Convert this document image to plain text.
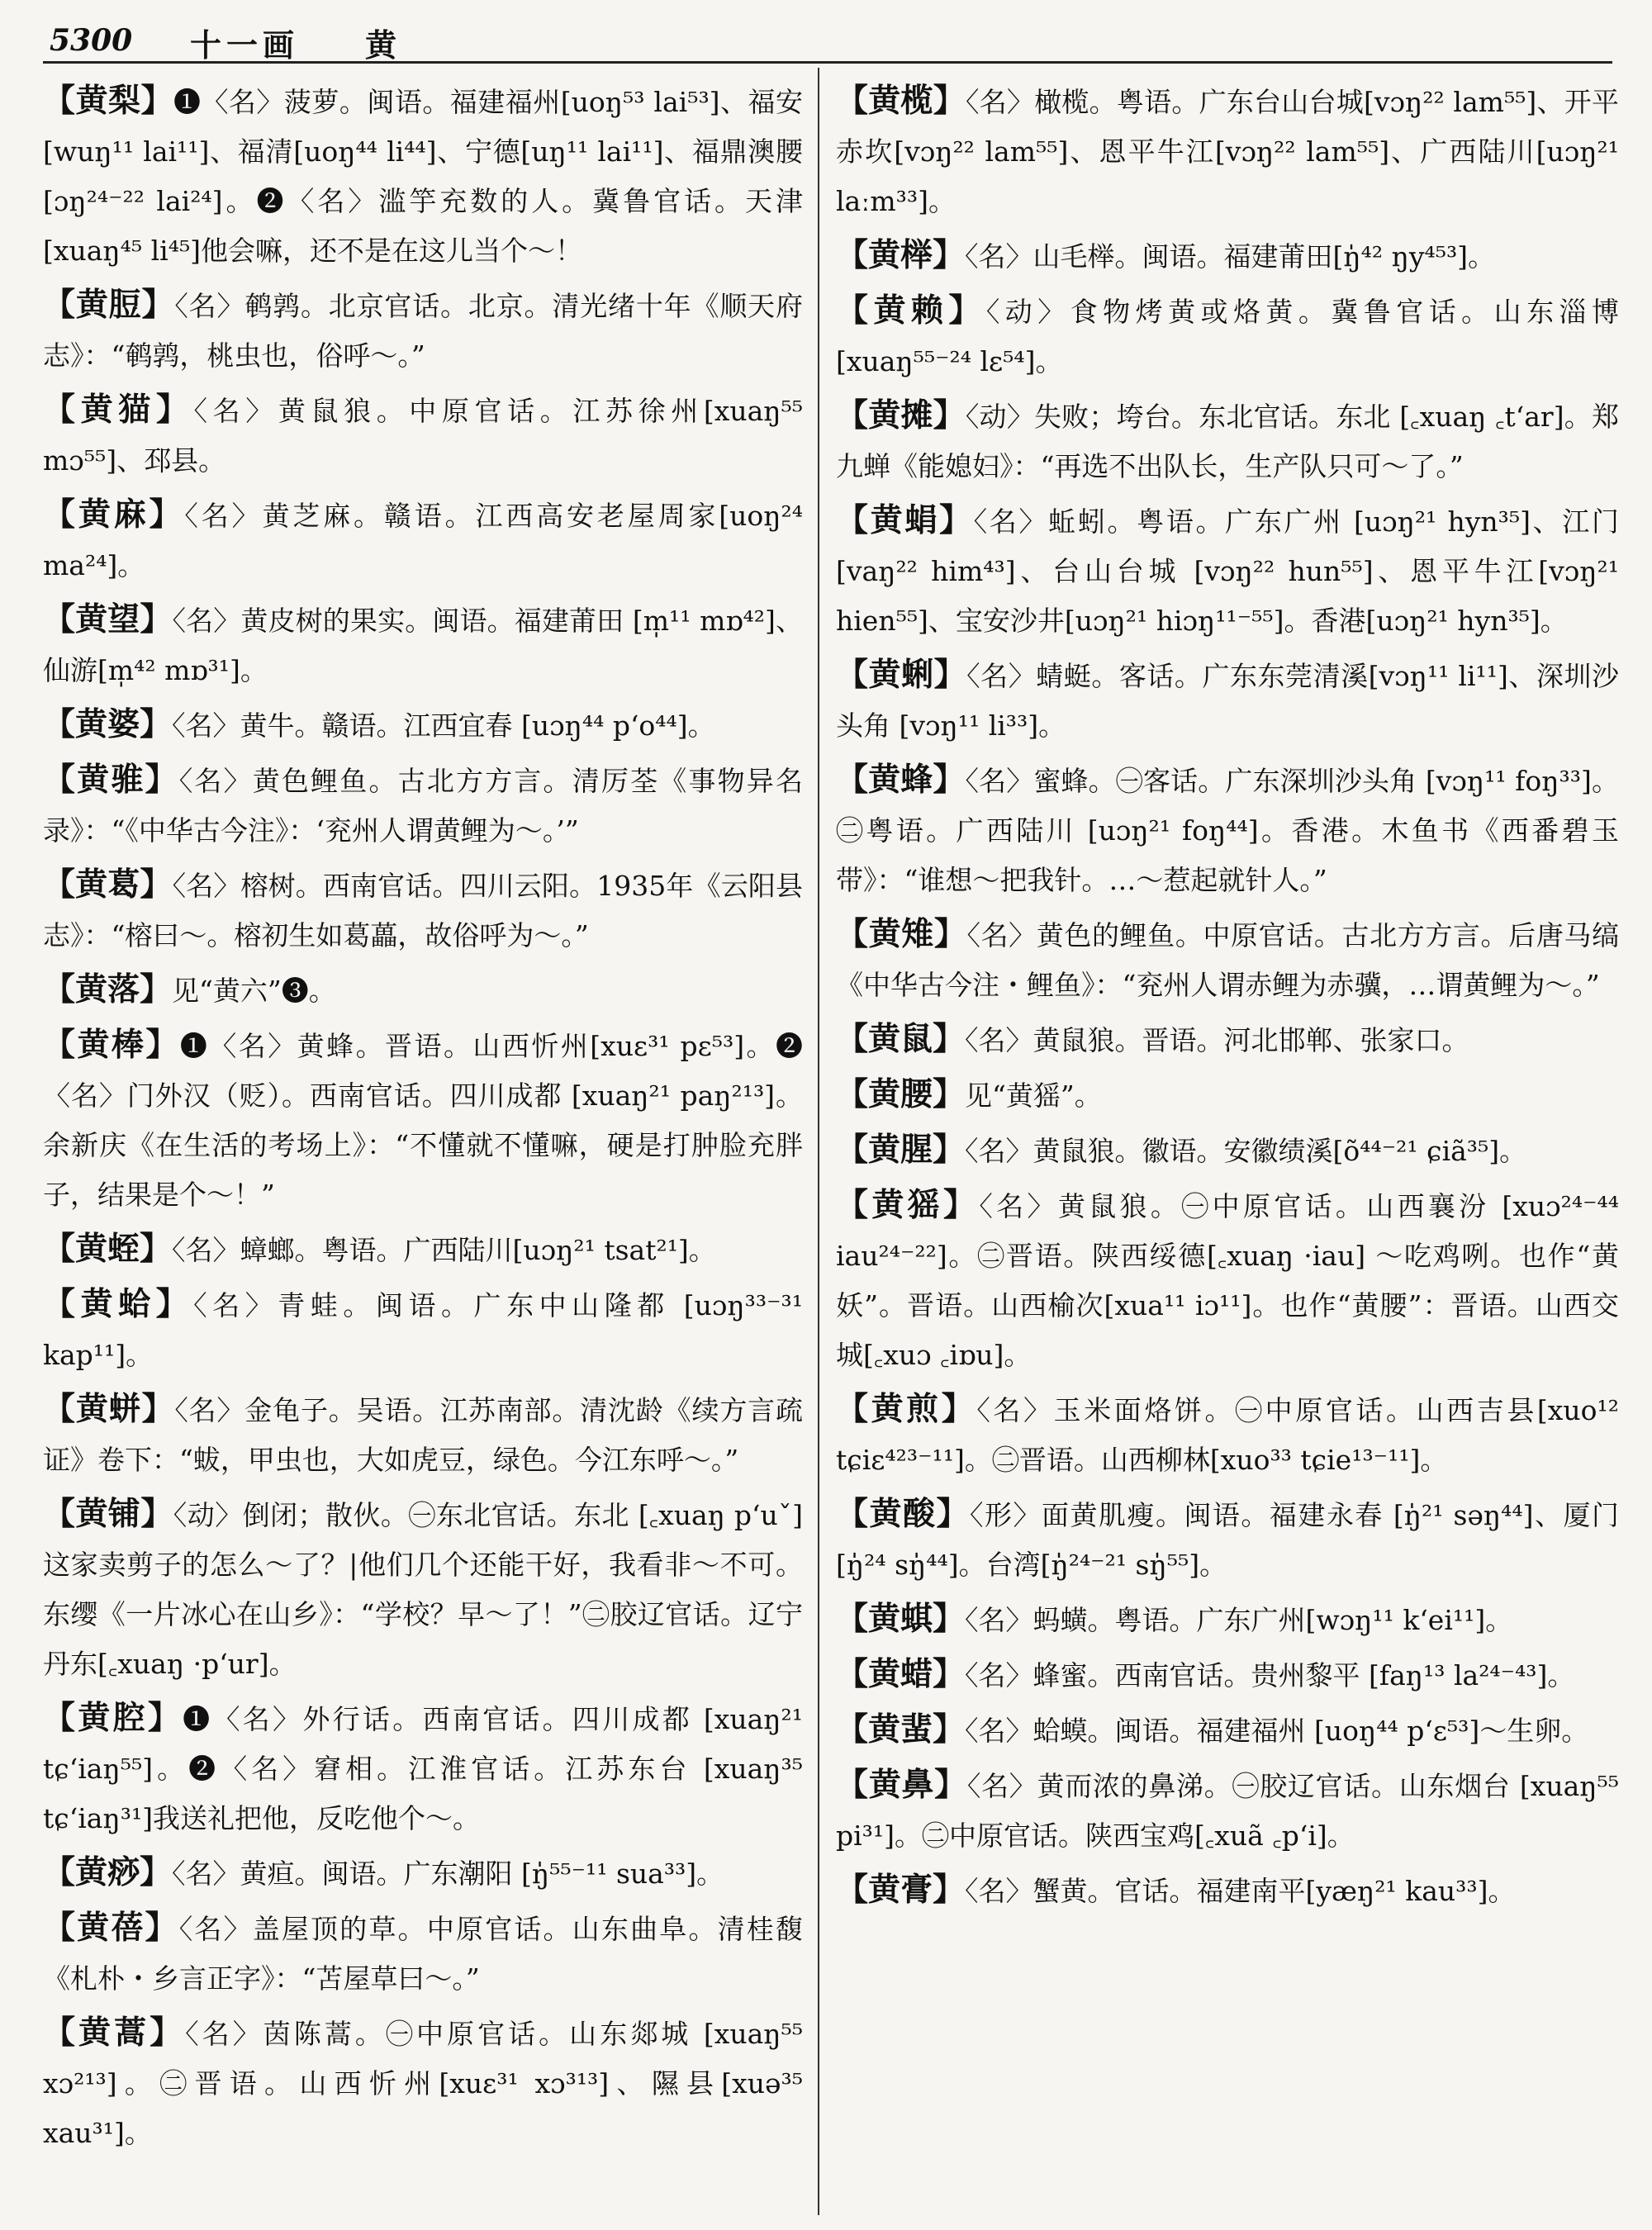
5300 十一画 黄
【黄梨】❶〈名〉菠萝。闽语。福建福州[uoŋ⁵³ lai⁵³]、福安[wuŋ¹¹ lai¹¹]、福清[uoŋ⁴⁴ li⁴⁴]、宁德[uŋ¹¹ lai¹¹]、福鼎澳腰 [ɔŋ²⁴⁻²² lai²⁴]。❷〈名〉滥竽充数的人。冀鲁官话。天津[xuaŋ⁴⁵ li⁴⁵]他会嘛，还不是在这儿当个～！
【黄脰】〈名〉鹌鹑。北京官话。北京。清光绪十年《顺天府志》：“鹌鹑，桃虫也，俗呼～。”
【黄猫】〈名〉黄鼠狼。中原官话。江苏徐州[xuaŋ⁵⁵ mɔ⁵⁵]、邳县。
【黄麻】〈名〉黄芝麻。赣语。江西高安老屋周家[uoŋ²⁴ ma²⁴]。
【黄望】〈名〉黄皮树的果实。闽语。福建莆田 [m̩¹¹ mɒ⁴²]、仙游[m̩⁴² mɒ³¹]。
【黄婆】〈名〉黄牛。赣语。江西宜春 [uɔŋ⁴⁴ pʻo⁴⁴]。
【黄骓】〈名〉黄色鲤鱼。古北方方言。清厉荃《事物异名录》：“《中华古今注》：‘兖州人谓黄鲤为～。’”
【黄葛】〈名〉榕树。西南官话。四川云阳。1935年《云阳县志》：“榕曰～。榕初生如葛藟，故俗呼为～。”
【黄落】见“黄六”❸。
【黄棒】❶〈名〉黄蜂。晋语。山西忻州[xuɛ³¹ pɛ⁵³]。❷〈名〉门外汉（贬）。西南官话。四川成都 [xuaŋ²¹ paŋ²¹³]。余新庆《在生活的考场上》：“不懂就不懂嘛，硬是打肿脸充胖子，结果是个～！”
【黄蛭】〈名〉蟑螂。粤语。广西陆川[uɔŋ²¹ tsat²¹]。
【黄蛤】〈名〉青蛙。闽语。广东中山隆都 [uɔŋ³³⁻³¹ kap¹¹]。
【黄蛢】〈名〉金龟子。吴语。江苏南部。清沈龄《续方言疏证》卷下：“蛂，甲虫也，大如虎豆，绿色。今江东呼～。”
【黄铺】〈动〉倒闭；散伙。㊀东北官话。东北 [꜀xuaŋ pʻuˇ]这家卖剪子的怎么～了？|他们几个还能干好，我看非～不可。东缨《一片冰心在山乡》：“学校？早～了！”㊁胶辽官话。辽宁丹东[꜀xuaŋ ·pʻur]。
【黄腔】❶〈名〉外行话。西南官话。四川成都 [xuaŋ²¹ tɕʻiaŋ⁵⁵]。❷〈名〉窘相。江淮官话。江苏东台 [xuaŋ³⁵ tɕʻiaŋ³¹]我送礼把他，反吃他个～。
【黄痧】〈名〉黄疸。闽语。广东潮阳 [ŋ̍⁵⁵⁻¹¹ sua³³]。
【黄蓓】〈名〉盖屋顶的草。中原官话。山东曲阜。清桂馥《札朴・乡言正字》：“苫屋草曰～。”
【黄蒿】〈名〉茵陈蒿。㊀中原官话。山东郯城 [xuaŋ⁵⁵ xɔ²¹³]。㊁晋语。山西忻州[xuɛ³¹ xɔ³¹³]、隰县[xuə³⁵ xau³¹]。
【黄榄】〈名〉橄榄。粤语。广东台山台城[vɔŋ²² lam⁵⁵]、开平赤坎[vɔŋ²² lam⁵⁵]、恩平牛江[vɔŋ²² lam⁵⁵]、广西陆川[uɔŋ²¹ laːm³³]。
【黄榉】〈名〉山毛榉。闽语。福建莆田[ŋ̍⁴² ŋy⁴⁵³]。
【黄赖】〈动〉食物烤黄或烙黄。冀鲁官话。山东淄博 [xuaŋ⁵⁵⁻²⁴ lɛ⁵⁴]。
【黄摊】〈动〉失败；垮台。东北官话。东北 [꜀xuaŋ ꜀tʻar]。郑九蝉《能媳妇》：“再选不出队长，生产队只可～了。”
【黄蜎】〈名〉蚯蚓。粤语。广东广州 [uɔŋ²¹ hyn³⁵]、江门[vaŋ²² him⁴³]、台山台城 [vɔŋ²² hun⁵⁵]、恩平牛江[vɔŋ²¹ hien⁵⁵]、宝安沙井[uɔŋ²¹ hiɔŋ¹¹⁻⁵⁵]。香港[uɔŋ²¹ hyn³⁵]。
【黄蜊】〈名〉蜻蜓。客话。广东东莞清溪[vɔŋ¹¹ li¹¹]、深圳沙头角 [vɔŋ¹¹ li³³]。
【黄蜂】〈名〉蜜蜂。㊀客话。广东深圳沙头角 [vɔŋ¹¹ foŋ³³]。㊁粤语。广西陆川 [uɔŋ²¹ foŋ⁴⁴]。香港。木鱼书《西番碧玉带》：“谁想～把我针。…～惹起就针人。”
【黄雉】〈名〉黄色的鲤鱼。中原官话。古北方方言。后唐马缟《中华古今注・鲤鱼》：“兖州人谓赤鲤为赤骥，…谓黄鲤为～。”
【黄鼠】〈名〉黄鼠狼。晋语。河北邯郸、张家口。
【黄腰】见“黄猺”。
【黄腥】〈名〉黄鼠狼。徽语。安徽绩溪[õ⁴⁴⁻²¹ ɕiã³⁵]。
【黄猺】〈名〉黄鼠狼。㊀中原官话。山西襄汾 [xuɔ²⁴⁻⁴⁴ iau²⁴⁻²²]。㊁晋语。陕西绥德[꜀xuaŋ ·iau] ～吃鸡咧。也作“黄妖”。晋语。山西榆次[xua¹¹ iɔ¹¹]。也作“黄腰”：晋语。山西交城[꜀xuɔ ꜀iɒu]。
【黄煎】〈名〉玉米面烙饼。㊀中原官话。山西吉县[xuo¹² tɕiɛ⁴²³⁻¹¹]。㊁晋语。山西柳林[xuo³³ tɕie¹³⁻¹¹]。
【黄酸】〈形〉面黄肌瘦。闽语。福建永春 [ŋ̍²¹ səŋ⁴⁴]、厦门[ŋ̍²⁴ sŋ̍⁴⁴]。台湾[ŋ̍²⁴⁻²¹ sŋ̍⁵⁵]。
【黄蜞】〈名〉蚂蟥。粤语。广东广州[wɔŋ¹¹ kʻei¹¹]。
【黄蜡】〈名〉蜂蜜。西南官话。贵州黎平 [faŋ¹³ la²⁴⁻⁴³]。
【黄蜚】〈名〉蛤蟆。闽语。福建福州 [uoŋ⁴⁴ pʻɛ⁵³]～生卵。
【黄鼻】〈名〉黄而浓的鼻涕。㊀胶辽官话。山东烟台 [xuaŋ⁵⁵ pi³¹]。㊁中原官话。陕西宝鸡[꜀xuã ꜀pʻi]。
【黄膏】〈名〉蟹黄。官话。福建南平[yæŋ²¹ kau³³]。
